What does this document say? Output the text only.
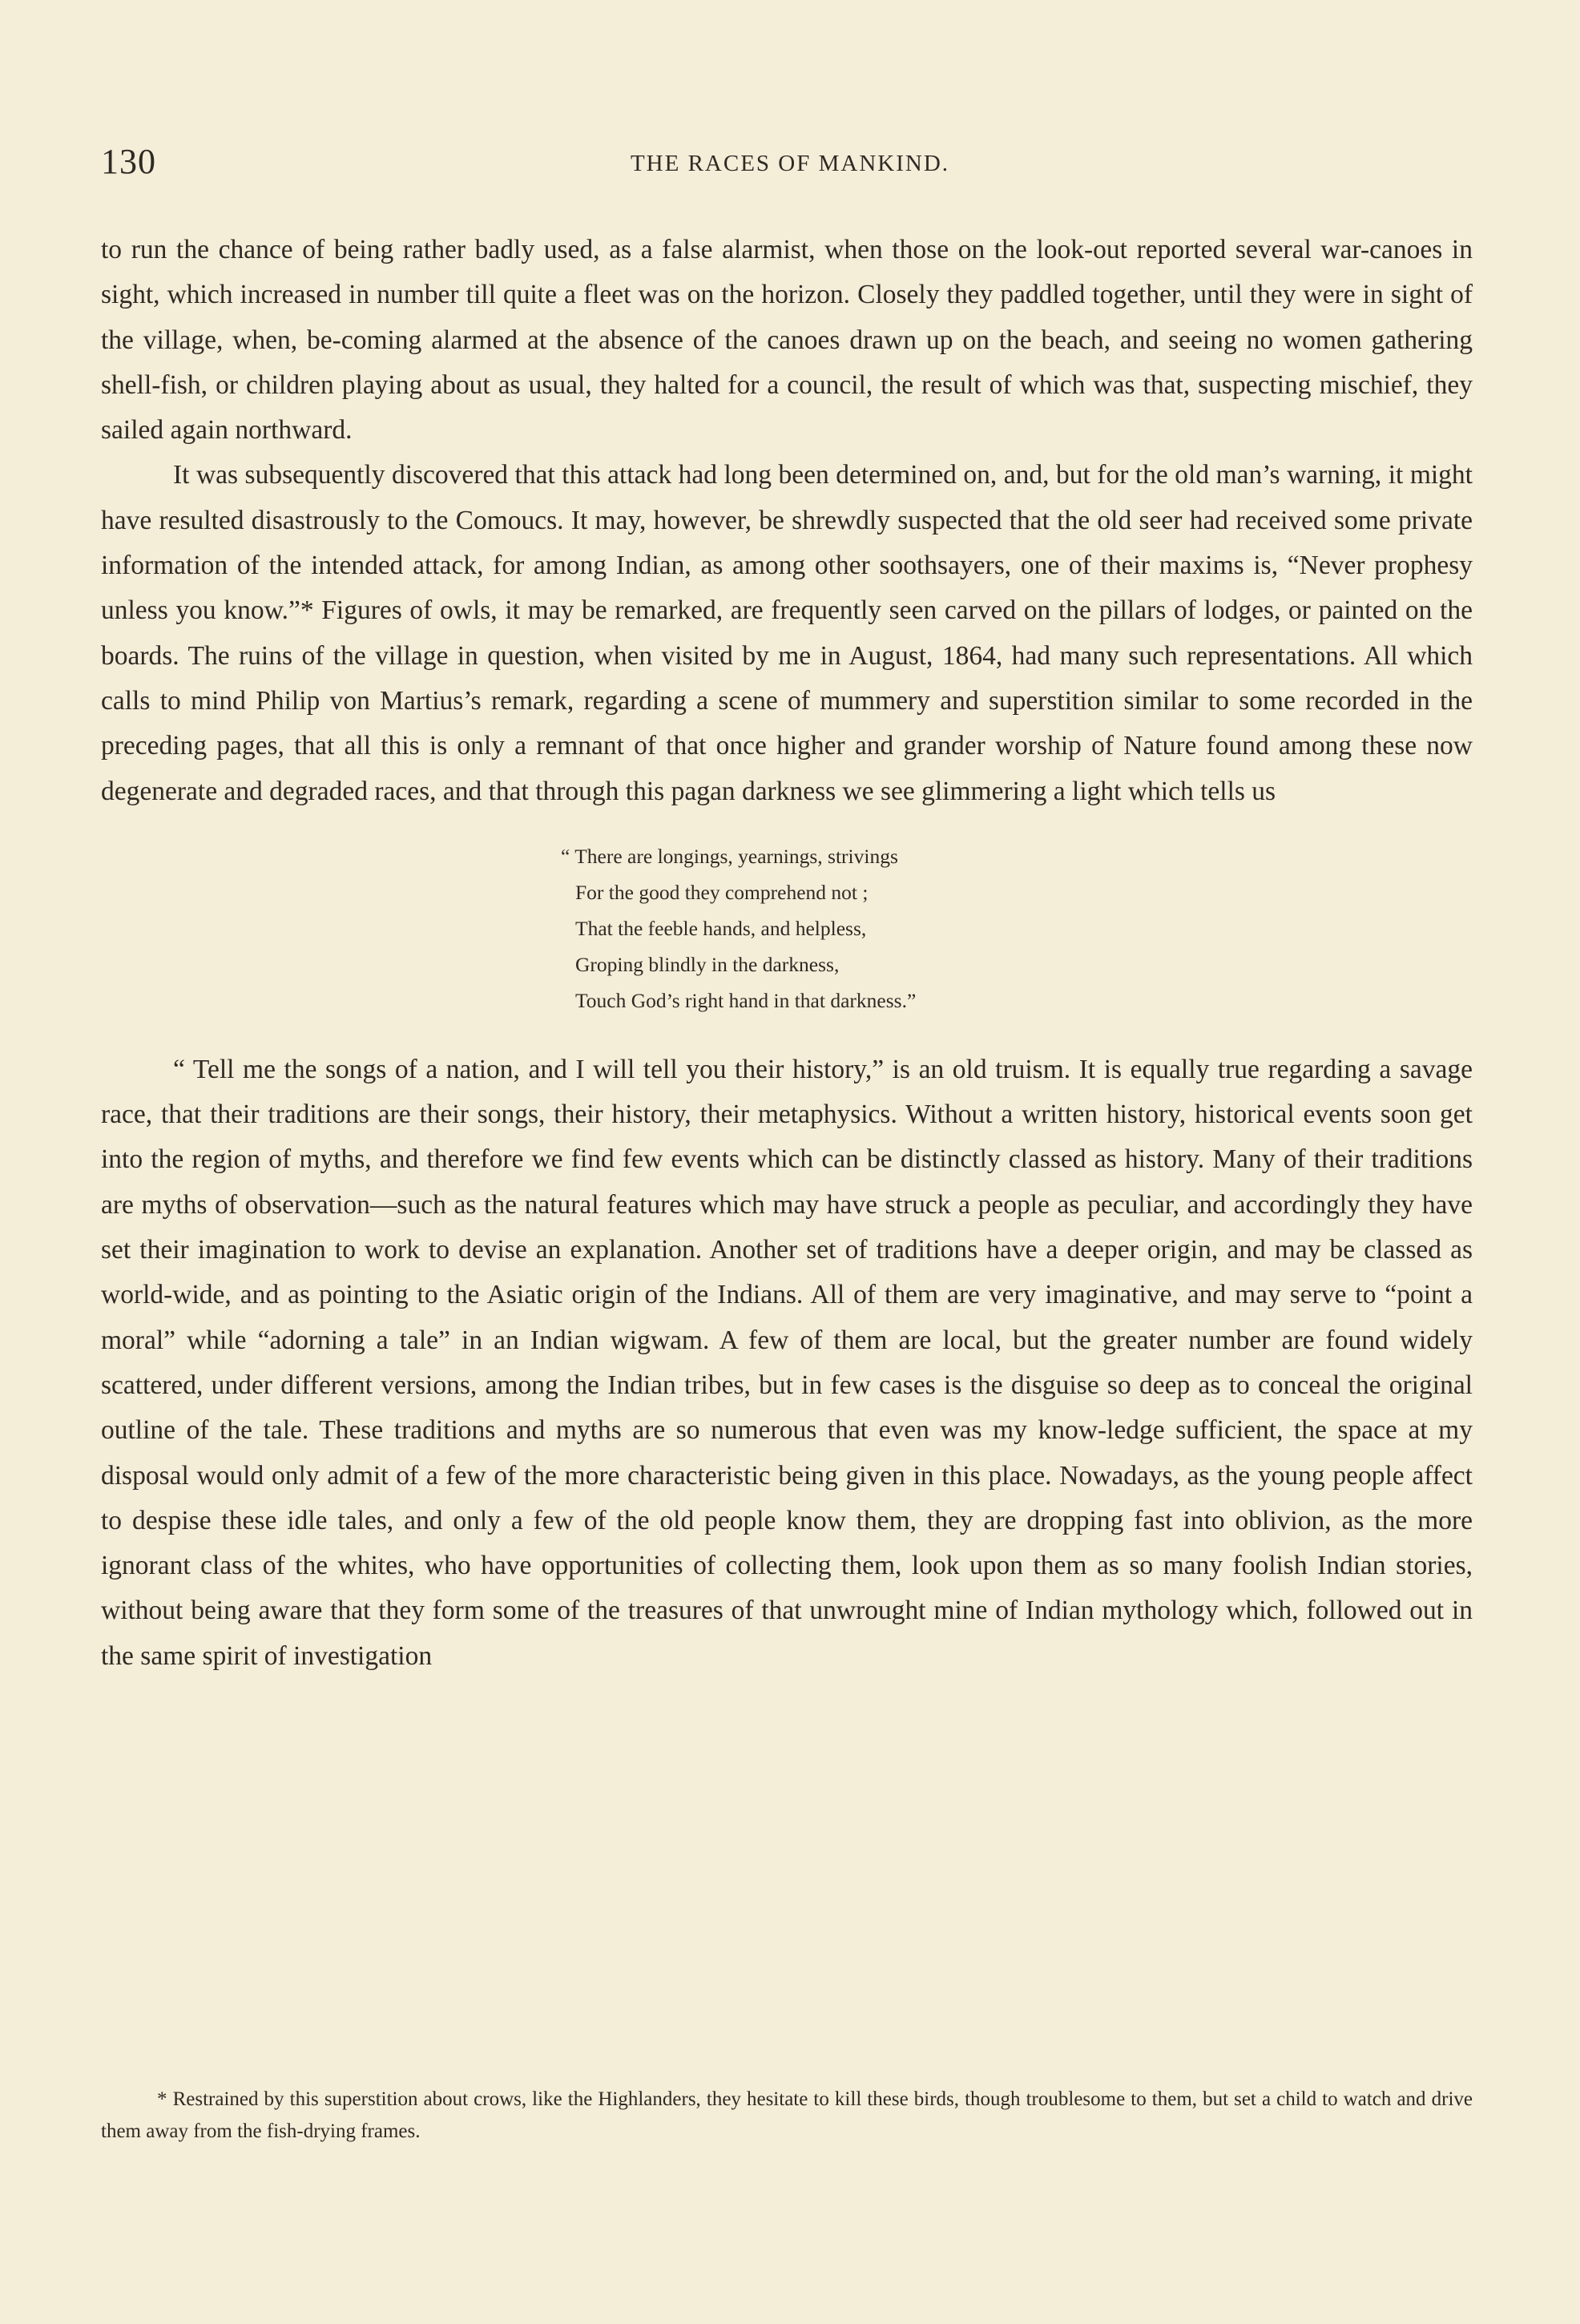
130	THE RACES OF MANKIND.

to run the chance of being rather badly used, as a false alarmist, when those on the look-out reported several war-canoes in sight, which increased in number till quite a fleet was on the horizon. Closely they paddled together, until they were in sight of the village, when, be-coming alarmed at the absence of the canoes drawn up on the beach, and seeing no women gathering shell-fish, or children playing about as usual, they halted for a council, the result of which was that, suspecting mischief, they sailed again northward.

It was subsequently discovered that this attack had long been determined on, and, but for the old man’s warning, it might have resulted disastrously to the Comoucs. It may, however, be shrewdly suspected that the old seer had received some private information of the intended attack, for among Indian, as among other soothsayers, one of their maxims is, “Never prophesy unless you know.”* Figures of owls, it may be remarked, are frequently seen carved on the pillars of lodges, or painted on the boards. The ruins of the village in question, when visited by me in August, 1864, had many such representations. All which calls to mind Philip von Martius’s remark, regarding a scene of mummery and superstition similar to some recorded in the preceding pages, that all this is only a remnant of that once higher and grander worship of Nature found among these now degenerate and degraded races, and that through this pagan darkness we see glimmering a light which tells us

“ There are longings, yearnings, strivings
For the good they comprehend not ;
That the feeble hands, and helpless,
Groping blindly in the darkness,
Touch God’s right hand in that darkness.”

“ Tell me the songs of a nation, and I will tell you their history,” is an old truism. It is equally true regarding a savage race, that their traditions are their songs, their history, their metaphysics. Without a written history, historical events soon get into the region of myths, and therefore we find few events which can be distinctly classed as history. Many of their traditions are myths of observation—such as the natural features which may have struck a people as peculiar, and accordingly they have set their imagination to work to devise an explanation. Another set of traditions have a deeper origin, and may be classed as world-wide, and as pointing to the Asiatic origin of the Indians. All of them are very imaginative, and may serve to “point a moral” while “adorning a tale” in an Indian wigwam. A few of them are local, but the greater number are found widely scattered, under different versions, among the Indian tribes, but in few cases is the disguise so deep as to conceal the original outline of the tale. These traditions and myths are so numerous that even was my know-ledge sufficient, the space at my disposal would only admit of a few of the more characteristic being given in this place. Nowadays, as the young people affect to despise these idle tales, and only a few of the old people know them, they are dropping fast into oblivion, as the more ignorant class of the whites, who have opportunities of collecting them, look upon them as so many foolish Indian stories, without being aware that they form some of the treasures of that unwrought mine of Indian mythology which, followed out in the same spirit of investigation

* Restrained by this superstition about crows, like the Highlanders, they hesitate to kill these birds, though troublesome to them, but set a child to watch and drive them away from the fish-drying frames.
